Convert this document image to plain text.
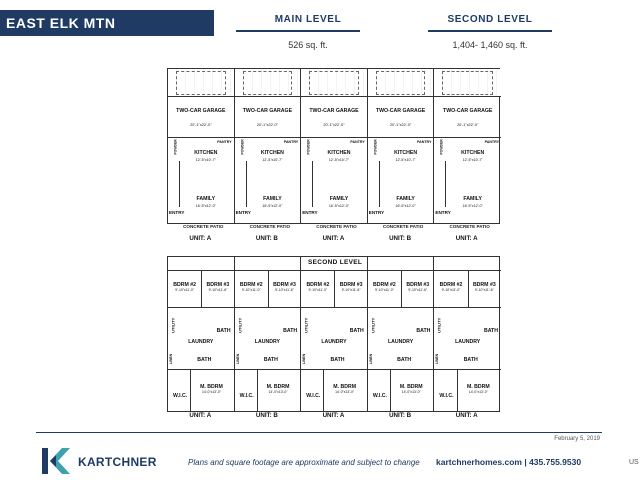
EAST ELK MTN TOWNHOMES
MAIN LEVEL
526 sq. ft.
SECOND LEVEL
1,404- 1,460 sq. ft.
TWO-CAR GARAGE
20'-1"x22'-0"
PANTRY
POWDER	KITCHEN
12'-5"x10'-7"
FAMILY
16'-5"x12'-0"
ENTRY
TWO-CAR GARAGE
20'-1"x22'-0"
PANTRY
POWDER	KITCHEN
12'-5"x10'-7"
FAMILY
16'-5"x12'-0"
ENTRY
TWO-CAR GARAGE
20'-1"x22'-0"
PANTRY
POWDER	KITCHEN
12'-5"x10'-7"
FAMILY
16'-5"x12'-0"
ENTRY
TWO-CAR GARAGE
20'-1"x22'-0"
PANTRY
POWDER	KITCHEN
12'-5"x10'-7"
FAMILY
16'-5"x12'-0"
ENTRY
TWO-CAR GARAGE
20'-1"x22'-0"
PANTRY
POWDER	KITCHEN
12'-5"x10'-7"
FAMILY
16'-5"x12'-0"
ENTRY
CONCRETE PATIO
UNIT: A
CONCRETE PATIO
UNIT: B
CONCRETE PATIO
UNIT: A
CONCRETE PATIO
UNIT: B
CONCRETE PATIO
UNIT: A
BDRM #2
9'-10"x11'-0"
BDRM #3
9'-10"x11'-6"
UTILITY	BATH
LAUNDRY
LINEN	BATH
M. BDRM
14'-0"x13'-0"
W.I.C.
BDRM #2
9'-10"x11'-0"
BDRM #3
9'-10"x11'-6"
UTILITY	BATH
LAUNDRY
LINEN	BATH
M. BDRM
14'-0"x13'-0"
W.I.C.
BDRM #2
9'-10"x11'-0"
BDRM #3
9'-10"x11'-6"
UTILITY	BATH
LAUNDRY
LINEN	BATH
M. BDRM
14'-0"x13'-0"
W.I.C.
BDRM #2
9'-10"x11'-0"
BDRM #3
9'-10"x11'-6"
UTILITY	BATH
LAUNDRY
LINEN	BATH
M. BDRM
14'-0"x13'-0"
W.I.C.
BDRM #2
9'-10"x11'-0"
BDRM #3
9'-10"x11'-6"
UTILITY	BATH
LAUNDRY
LINEN	BATH
M. BDRM
14'-0"x13'-0"
W.I.C.
SECOND LEVEL
UNIT: A	UNIT: B	UNIT: A	UNIT: B	UNIT: A
February 5, 2019
KARTCHNER	Plans and square footage are approximate and subject to change kartchnerhomes.com | 435.755.9530	US
